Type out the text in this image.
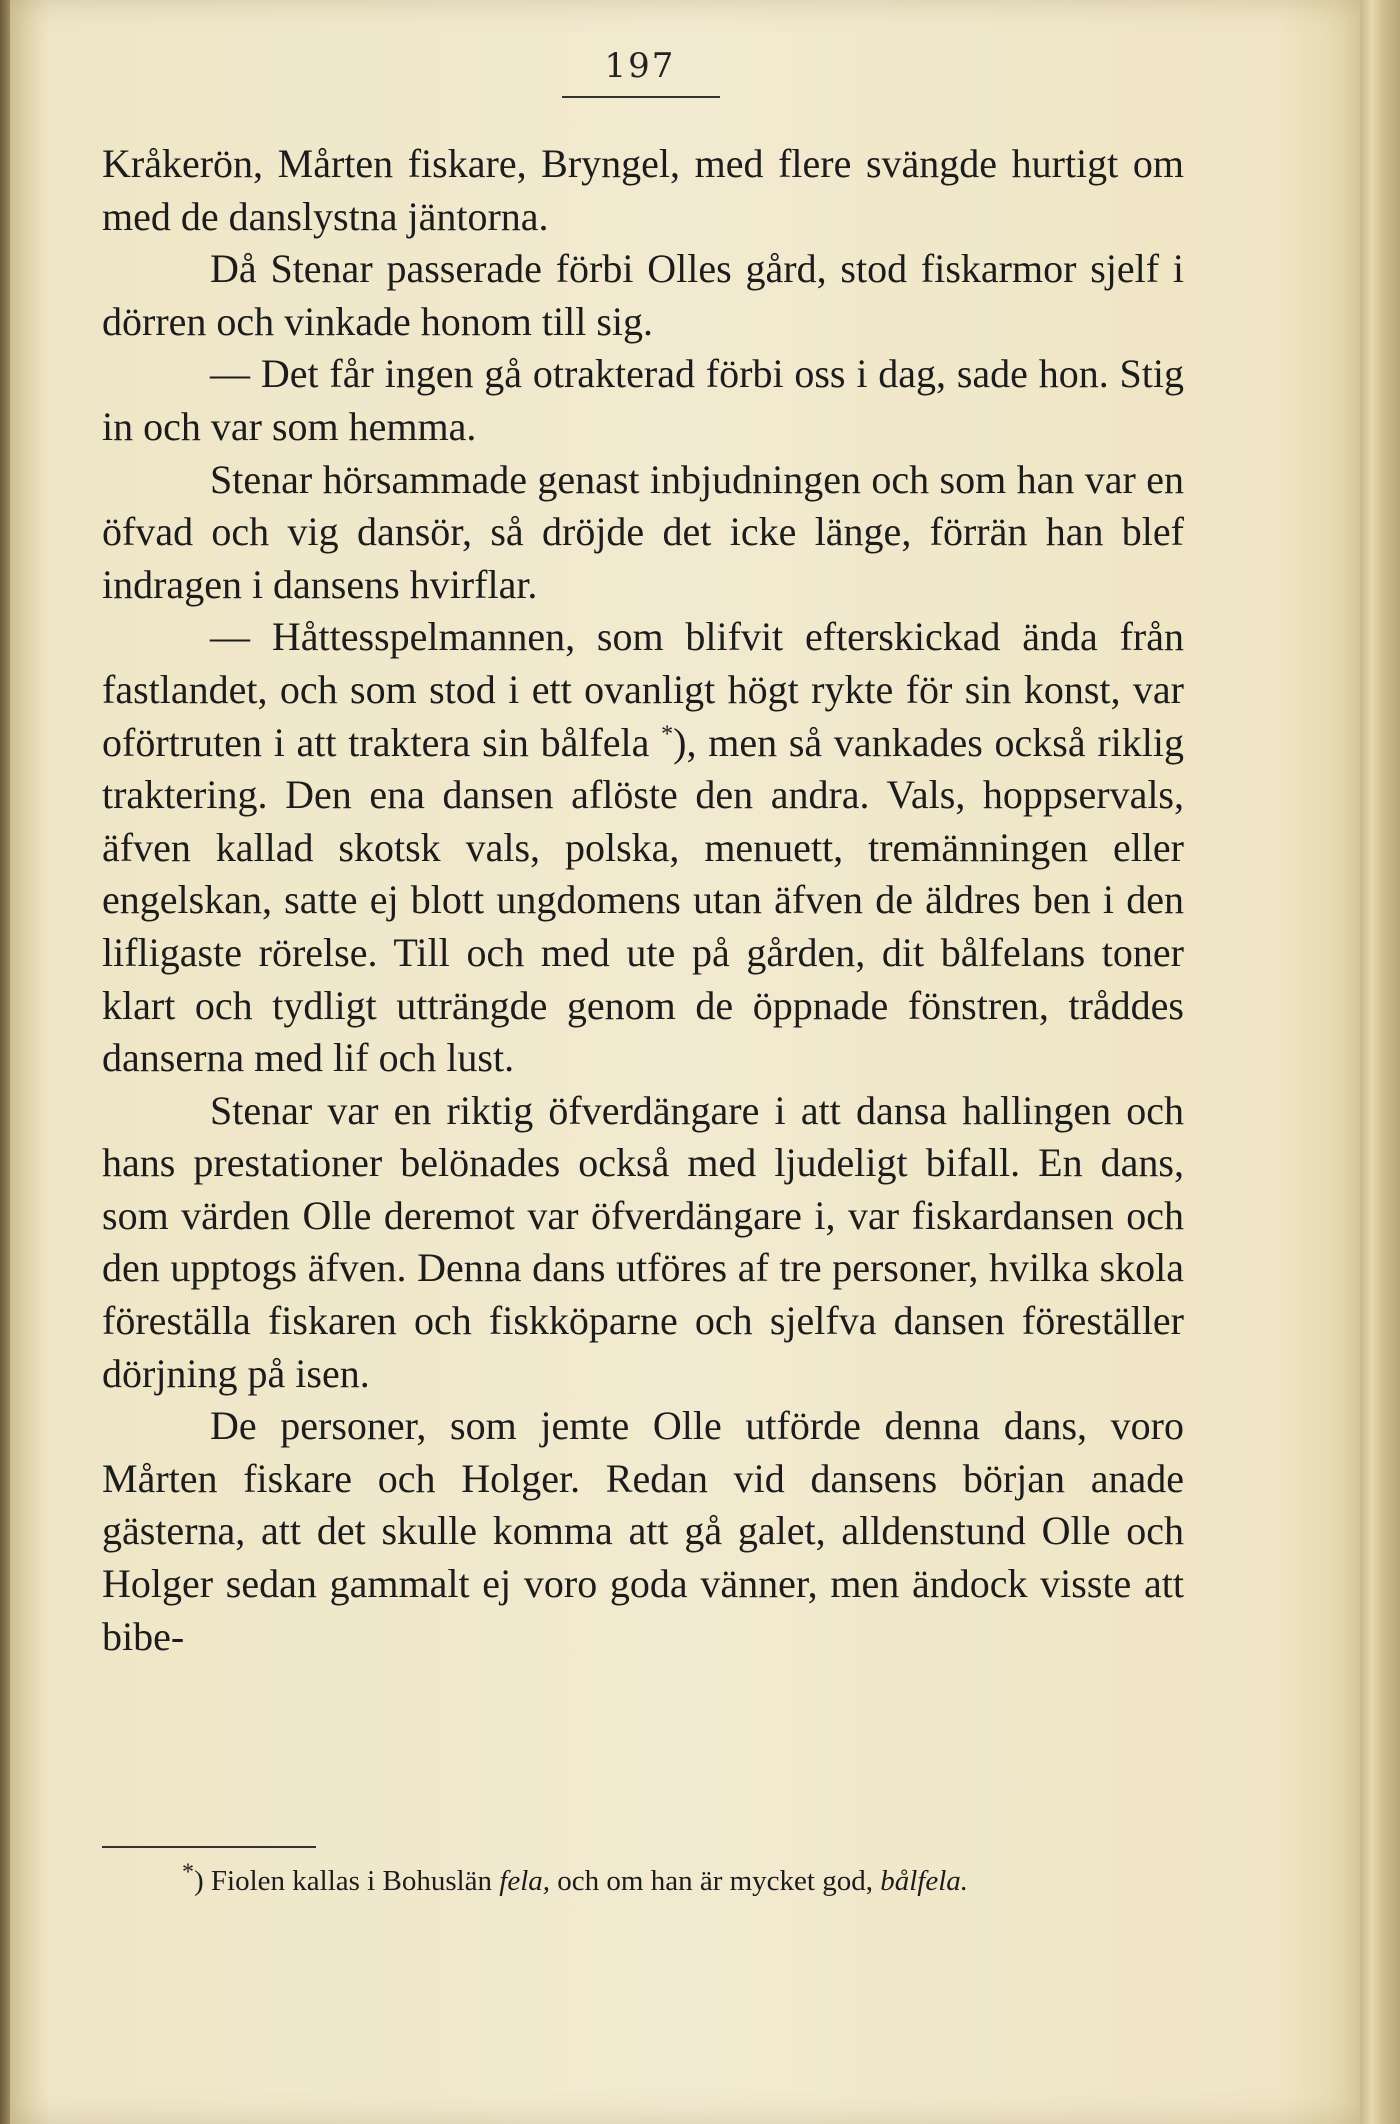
197

Kråkerön, Mårten fiskare, Bryngel, med flere svängde hurtigt om med de danslystna jäntorna.

Då Stenar passerade förbi Olles gård, stod fiskarmor sjelf i dörren och vinkade honom till sig.

— Det får ingen gå otrakterad förbi oss i dag, sade hon. Stig in och var som hemma.

Stenar hörsammade genast inbjudningen och som han var en öfvad och vig dansör, så dröjde det icke länge, förrän han blef indragen i dansens hvirflar.

— Håttesspelmannen, som blifvit efterskickad ända från fastlandet, och som stod i ett ovanligt högt rykte för sin konst, var oförtruten i att traktera sin bålfela *), men så vankades också riklig traktering. Den ena dansen aflöste den andra. Vals, hoppservals, äfven kallad skotsk vals, polska, menuett, tremänningen eller engelskan, satte ej blott ungdomens utan äfven de äldres ben i den lifligaste rörelse. Till och med ute på gården, dit bålfelans toner klart och tydligt utträngde genom de öppnade fönstren, tråddes danserna med lif och lust.

Stenar var en riktig öfverdängare i att dansa hallingen och hans prestationer belönades också med ljudeligt bifall. En dans, som värden Olle deremot var öfverdängare i, var fiskardansen och den upptogs äfven. Denna dans utföres af tre personer, hvilka skola föreställa fiskaren och fiskköparne och sjelfva dansen föreställer dörjning på isen.

De personer, som jemte Olle utförde denna dans, voro Mårten fiskare och Holger. Redan vid dansens början anade gästerna, att det skulle komma att gå galet, alldenstund Olle och Holger sedan gammalt ej voro goda vänner, men ändock visste att bibe-

*) Fiolen kallas i Bohuslän fela, och om han är mycket god, bålfela.
